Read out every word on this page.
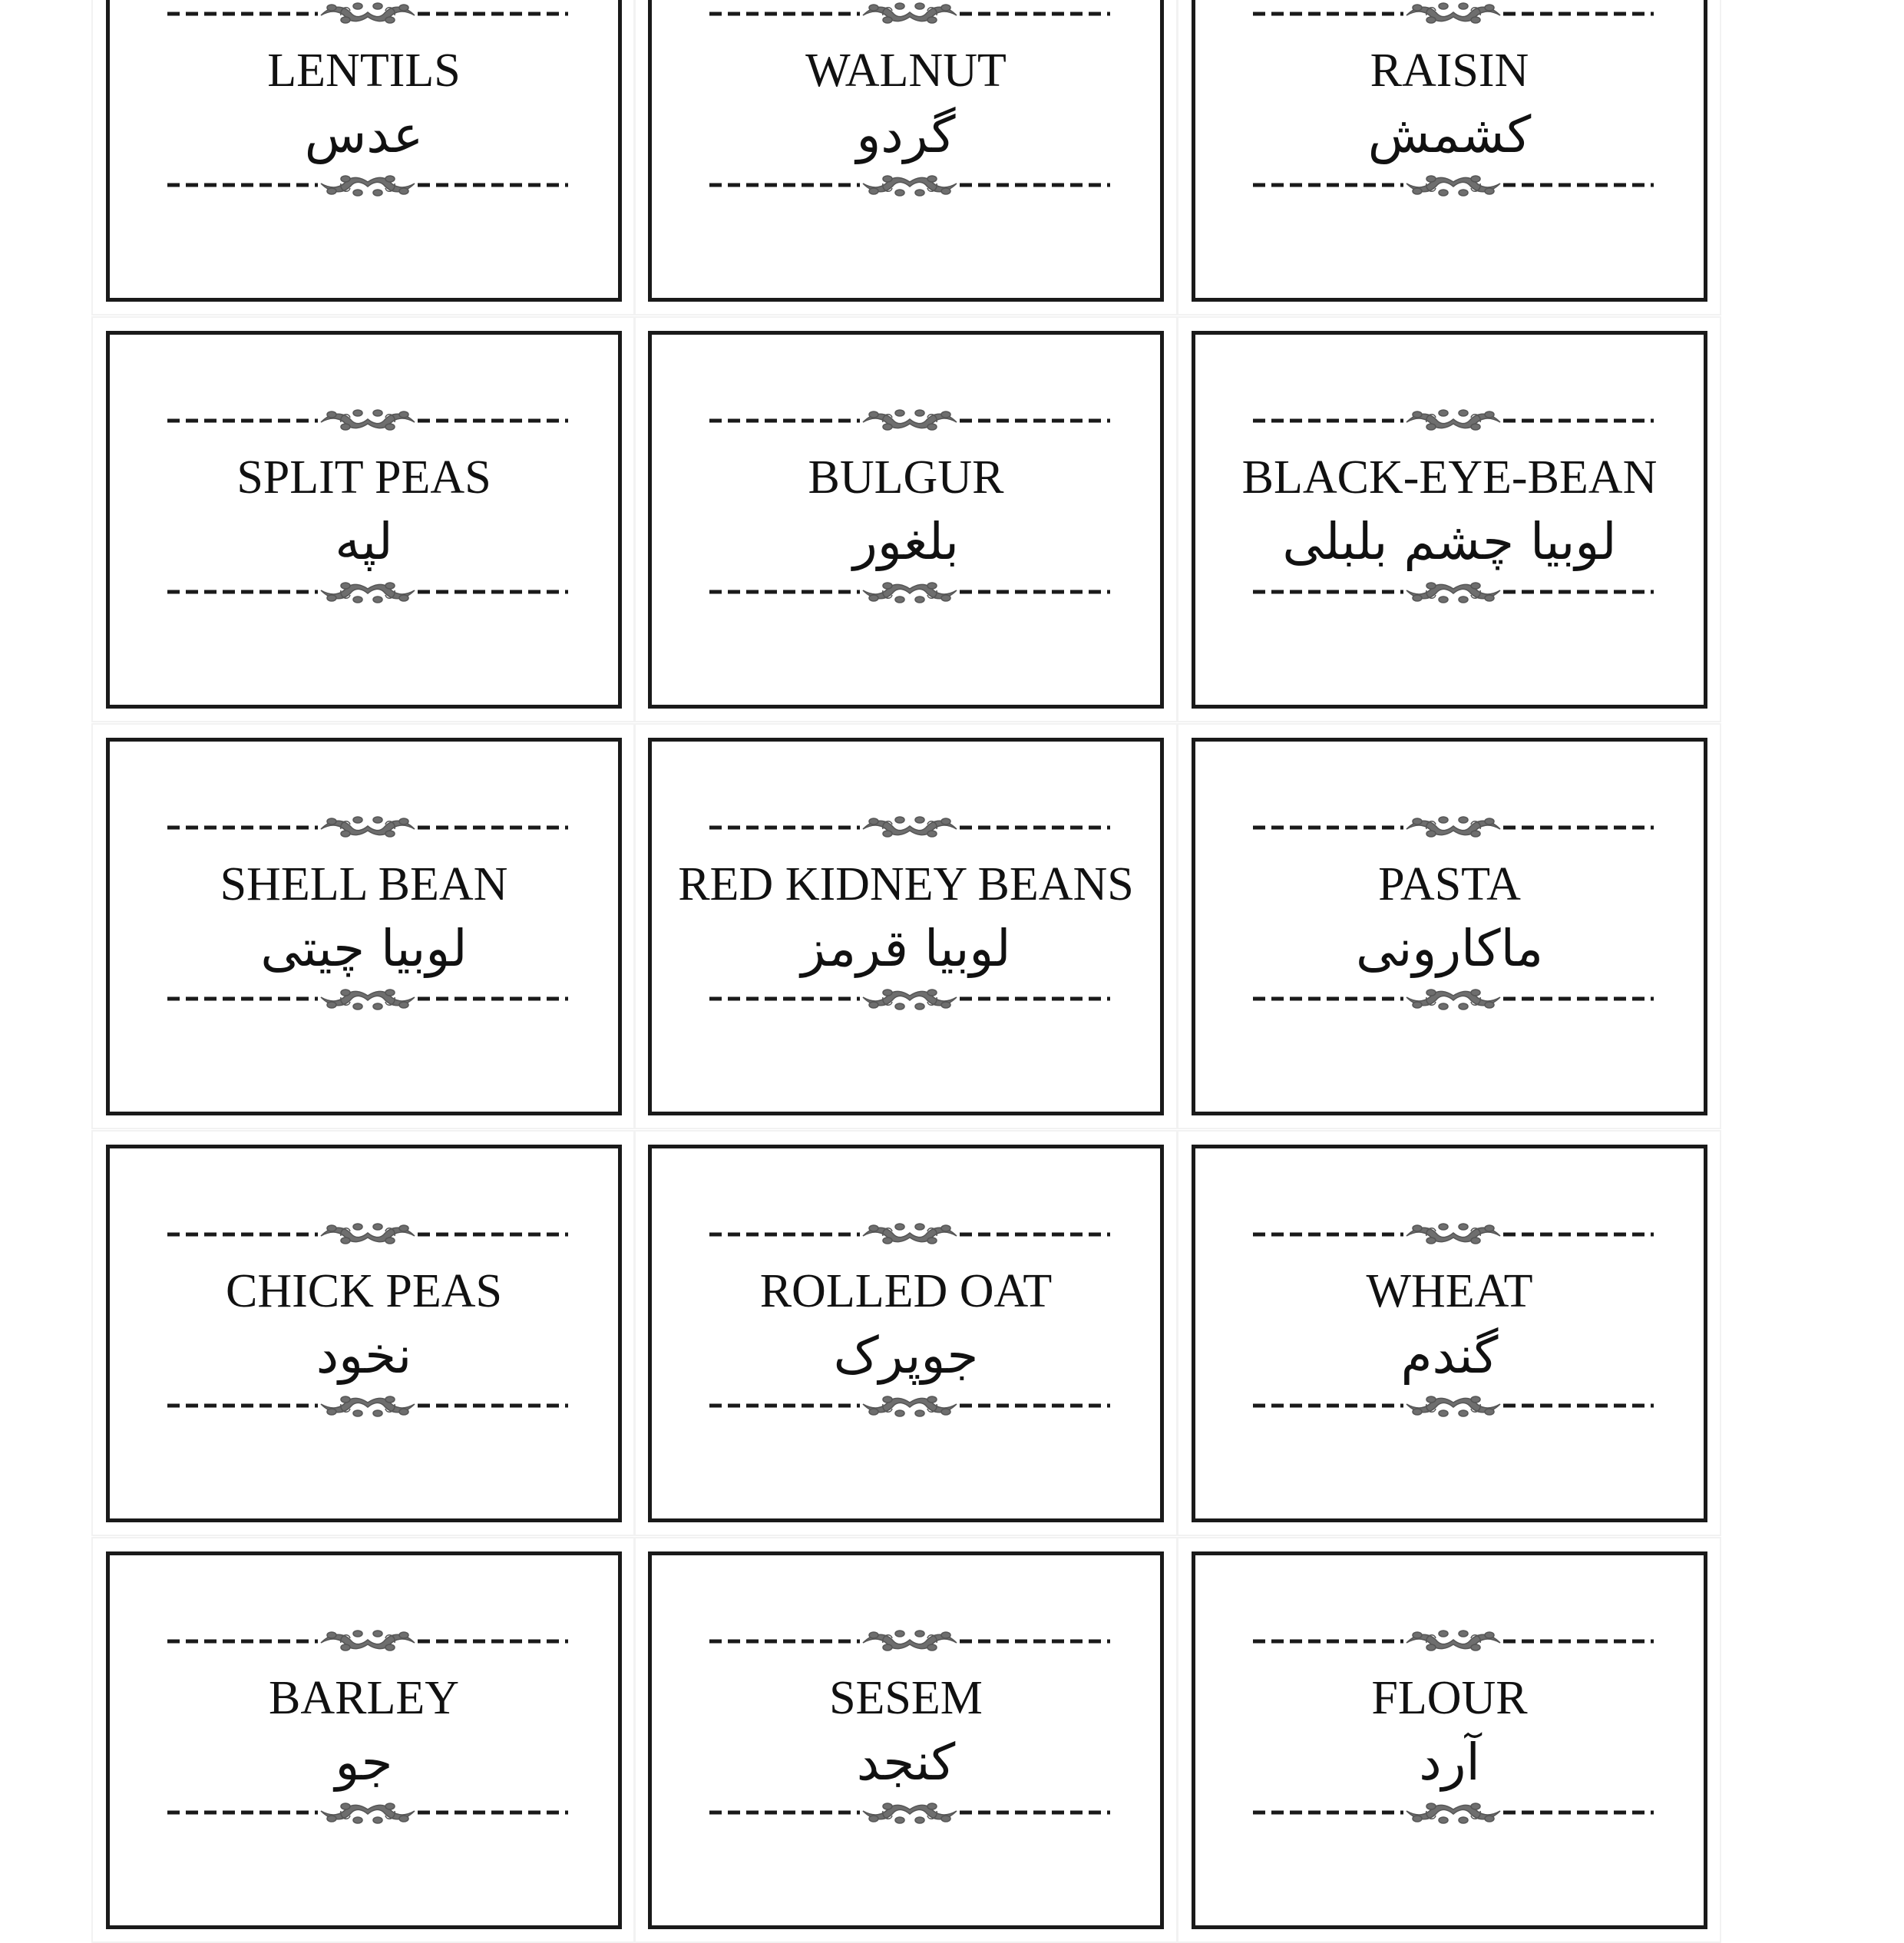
LENTILS
عدس
WALNUT
گردو
RAISIN
کشمش
SPLIT PEAS
لپه
BULGUR
بلغور
BLACK-EYE-BEAN
لوبیا چشم بلبلی
SHELL BEAN
لوبیا چیتی
RED KIDNEY BEANS
لوبیا قرمز
PASTA
ماکارونی
CHICK PEAS
نخود
ROLLED OAT
جوپرک
WHEAT
گندم
BARLEY
جو
SESEM
کنجد
FLOUR
آرد
